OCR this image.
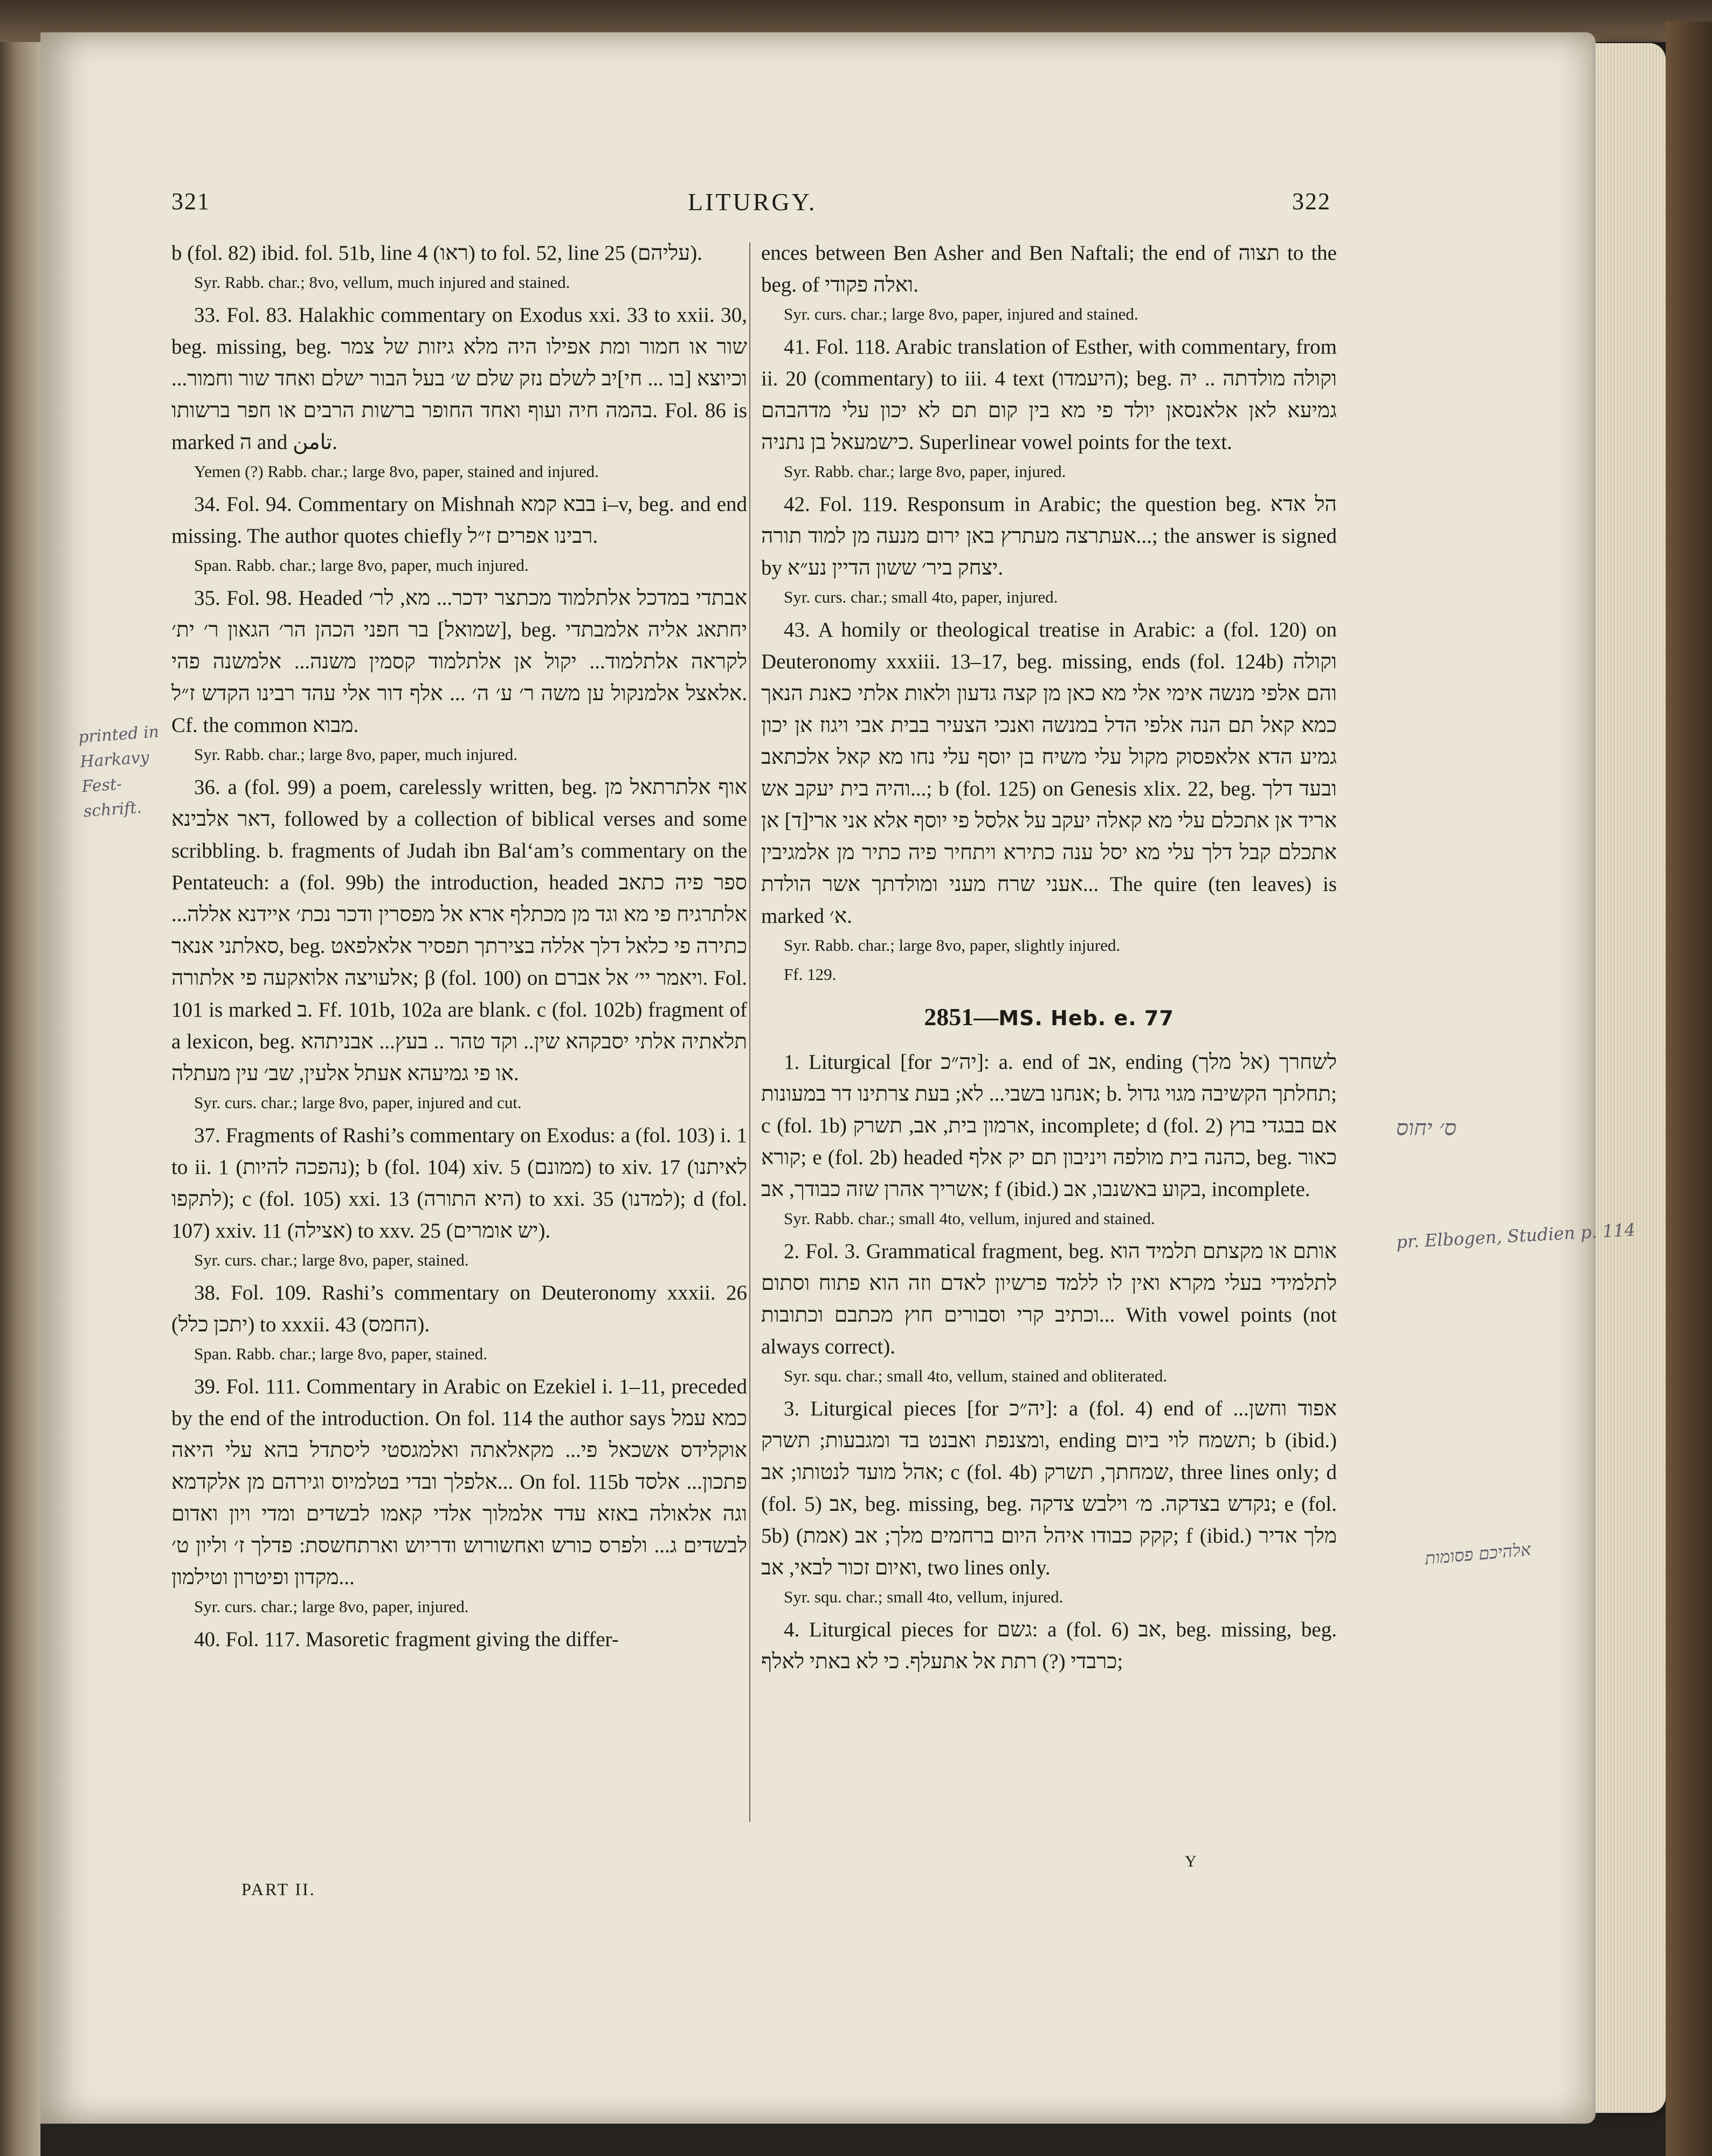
321	LITURGY.	322

b (fol. 82) ibid. fol. 51b, line 4 (ראו) to fol. 52, line 25 (עליהם).

Syr. Rabb. char.; 8vo, vellum, much injured and stained.

33. Fol. 83. Halakhic commentary on Exodus xxi. 33 to xxii. 30, beg. missing, beg. שור או חמור ומת אפילו היה מלא גיזות של צמר וכיוצא [בו ... חי]יב לשלם נזק שלם ש׳ בעל הבור ישלם ואחד שור וחמור... בהמה חיה ועוף ואחד החופר ברשות הרבים או חפר ברשותו. Fol. 86 is marked ה and تامن.

Yemen (?) Rabb. char.; large 8vo, paper, stained and injured.

34. Fol. 94. Commentary on Mishnah בבא קמא i–v, beg. and end missing. The author quotes chiefly רבינו אפרים ז״ל.

Span. Rabb. char.; large 8vo, paper, much injured.

35. Fol. 98. Headed אבתדי במדכל אלתלמוד מכתצר ידכר... מא, לר׳ [שמואל] בר חפני הכהן הר׳ הגאון ר׳ ית׳, beg. יחתאג אליה אלמבתדי לקראה אלתלמוד... יקול אן אלתלמוד קסמין משנה... אלמשנה פהי אלאצל אלמנקול ען משה ר׳ ע׳ ה׳ ... אלף דור אלי עהד רבינו הקדש ז״ל. Cf. the common מבוא.

Syr. Rabb. char.; large 8vo, paper, much injured.

36. a (fol. 99) a poem, carelessly written, beg. אוף אלתרתאל מן דאר אלבינא, followed by a collection of biblical verses and some scribbling. b. fragments of Judah ibn Bal‘am’s commentary on the Pentateuch: a (fol. 99b) the introduction, headed ספר פיה כתאב אלתרגיח פי מא וגד מן מכתלף ארא אל מפסרין ודכר נכת׳ איידנא אללה... סאלתני אנאר, beg. כתירה פי כלאל דלך אללה בצירתך תפסיר אלאלפאט אלעויצה אלואקעה פי אלתורה; β (fol. 100) on ויאמר יי׳ אל אברם. Fol. 101 is marked ב. Ff. 101b, 102a are blank. c (fol. 102b) fragment of a lexicon, beg. תלאתיה אלתי יסבקהא שין.. וקד טהר .. בעץ... אבניתהא או פי גמיעהא אעתל אלעין, שב׳ עין מעתלה.

Syr. curs. char.; large 8vo, paper, injured and cut.

37. Fragments of Rashi’s commentary on Exodus: a (fol. 103) i. 1 to ii. 1 (נהפכה להיות); b (fol. 104) xiv. 5 (ממונם) to xiv. 17 (לאיתנו לתקפו); c (fol. 105) xxi. 13 (היא התורה) to xxi. 35 (למדנו); d (fol. 107) xxiv. 11 (אצילה) to xxv. 25 (יש אומרים).

Syr. curs. char.; large 8vo, paper, stained.

38. Fol. 109. Rashi’s commentary on Deuteronomy xxxii. 26 (יתכן כלל) to xxxii. 43 (החמס).

Span. Rabb. char.; large 8vo, paper, stained.

39. Fol. 111. Commentary in Arabic on Ezekiel i. 1–11, preceded by the end of the introduction. On fol. 114 the author says כמא עמל אוקלידס אשכאל פי... מקאלאתה ואלמגסטי ליסתדל בהא עלי היאה אלפלך ובדי בטלמיוס וגירהם מן אלקדמא... On fol. 115b פתכון... אלסד וגה אלאולה באזא עדד אלמלוך אלדי קאמו לבשדים ומדי ויון ואדום לבשדים ג... ולפרס כורש ואחשורוש ודריוש וארתחשסת: פדלך ז׳ וליון ט׳ מקדון ופיטרון וטילמון...

Syr. curs. char.; large 8vo, paper, injured.

40. Fol. 117. Masoretic fragment giving the differ-

ences between Ben Asher and Ben Naftali; the end of תצוה to the beg. of ואלה פקודי.

Syr. curs. char.; large 8vo, paper, injured and stained.

41. Fol. 118. Arabic translation of Esther, with commentary, from ii. 20 (commentary) to iii. 4 text (היעמדו); beg. וקולה מולדתה .. יה גמיעא לאן אלאנסאן יולד פי מא בין קום תם לא יכון עלי מדהבהם כישמעאל בן נתניה. Superlinear vowel points for the text.

Syr. Rabb. char.; large 8vo, paper, injured.

42. Fol. 119. Responsum in Arabic; the question beg. הל אדא אעתרצה מעתרץ באן ירום מנעה מן למוד תורה...; the answer is signed by יצחק ביר׳ ששון הדיין נע״א.

Syr. curs. char.; small 4to, paper, injured.

43. A homily or theological treatise in Arabic: a (fol. 120) on Deuteronomy xxxiii. 13–17, beg. missing, ends (fol. 124b) וקולה והם אלפי מנשה אימי אלי מא כאן מן קצה גדעון ולאות אלתי כאנת הנאך כמא קאל תם הנה אלפי הדל במנשה ואנכי הצעיר בבית אבי ויגוז אן יכון גמיע הדא אלאפסוק מקול עלי משיח בן יוסף עלי נחו מא קאל אלכתאב והיה בית יעקב אש...; b (fol. 125) on Genesis xlix. 22, beg. ובעד דלך אריד אן אתכלם עלי מא קאלה יעקב על אלסל פי יוסף אלא אני ארי[ד] אן אתכלם קבל דלך עלי מא יסל ענה כתירא ויתחיר פיה כתיר מן אלמגיבין אעני שרח מעני ומולדתך אשר הולדת... The quire (ten leaves) is marked א׳.

Syr. Rabb. char.; large 8vo, paper, slightly injured.

Ff. 129.

2851—MS. Heb. e. 77

1. Liturgical [for יה״כ]: a. end of אב, ending לשחרך (אל מלך) אנחנו בשבי... לא; בעת צרתינו דר במעונות; b. תחלתך הקשיבה מגוי גדול; c (fol. 1b) ארמון בית, אב, תשרק, incomplete; d (fol. 2) אם בבגדי בוץ קורא; e (fol. 2b) headed כהנה בית מולפה ויניבון תם יק אלף, beg. כאור אשריך אהרן שזה כבודך, אב; f (ibid.) בקוע באשנבו, אב, incomplete.

Syr. Rabb. char.; small 4to, vellum, injured and stained.

2. Fol. 3. Grammatical fragment, beg. אותם או מקצתם תלמיד הוא לתלמידי בעלי מקרא ואין לו ללמד פרשיון לאדם וזה הוא פתוח וסתום וכתיב קרי וסבורים חוץ מכתבם וכתובות... With vowel points (not always correct).

Syr. squ. char.; small 4to, vellum, stained and obliterated.

3. Liturgical pieces [for יה״כ]: a (fol. 4) end of אפוד וחשן... ומצנפת ואבנט בד ומגבעות; תשרק, ending תשמח לוי ביום; b (ibid.) אהל מועד לנטותו; אב; c (fol. 4b) שמחתך, תשרק, three lines only; d (fol. 5) אב, beg. missing, beg. נקדש בצדקה. מ׳ וילבש צדקה; e (fol. 5b) (אמת) קקק כבודו איהל היום ברחמים מלך; אב; f (ibid.) מלך אדיר ואיום זכור לבאי, אב, two lines only.

Syr. squ. char.; small 4to, vellum, injured.

4. Liturgical pieces for גשם: a (fol. 6) אב, beg. missing, beg. כרבדי (?) רתת אל אתעלף. כי לא באתי לאלף;

PART II.
Y
printed in Harkavy Fest-schrift.
ס׳ יחוס
pr. Elbogen, Studien p. 114
אלהיכם פסומות
